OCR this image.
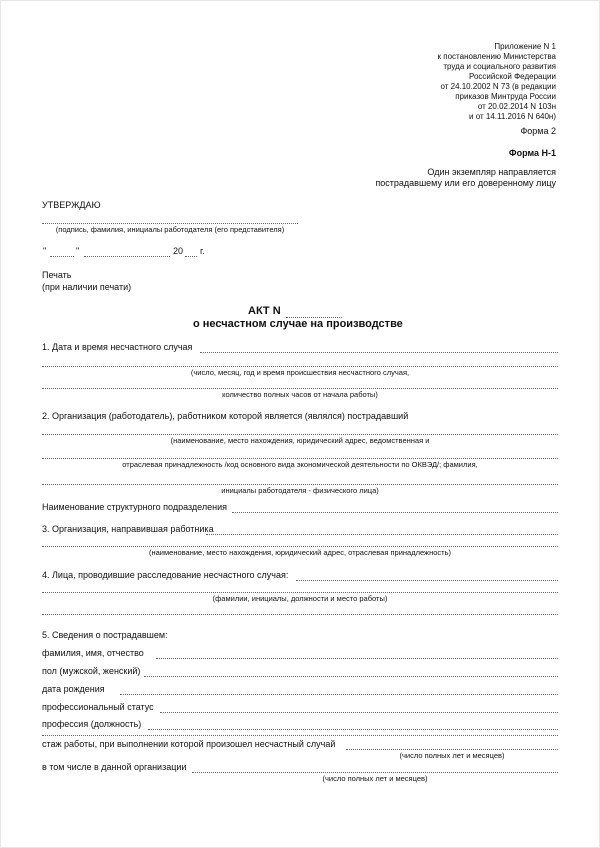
Приложение N 1
к постановлению Министерства
труда и социального развития
Российской Федерации
от 24.10.2002 N 73 (в редакции
приказов Минтруда России
от 20.02.2014 N 103н
и от 14.11.2016 N 640н)
Форма 2
Форма Н-1
Один экземпляр направляется
пострадавшему или его доверенному лицу
УТВЕРЖДАЮ
(подпись, фамилия, инициалы работодателя (его представителя)
"	"	20 г.
Печать
(при наличии печати)
АКТ N
о несчастном случае на производстве
1. Дата и время несчастного случая
(число, месяц, год и время происшествия несчастного случая,
количество полных часов от начала работы)
2. Организация (работодатель), работником которой является (являлся) пострадавший
(наименование, место нахождения, юридический адрес, ведомственная и
отраслевая принадлежность /код основного вида экономической деятельности по ОКВЭД/; фамилия,
инициалы работодателя - физического лица)
Наименование структурного подразделения
3. Организация, направившая работника
(наименование, место нахождения, юридический адрес, отраслевая принадлежность)
4. Лица, проводившие расследование несчастного случая:
(фамилии, инициалы, должности и место работы)
5. Сведения о пострадавшем:
фамилия, имя, отчество
пол (мужской, женский)
дата рождения
профессиональный статус
профессия (должность)
стаж работы, при выполнении которой произошел несчастный случай
(число полных лет и месяцев)
в том числе в данной организации
(число полных лет и месяцев)
